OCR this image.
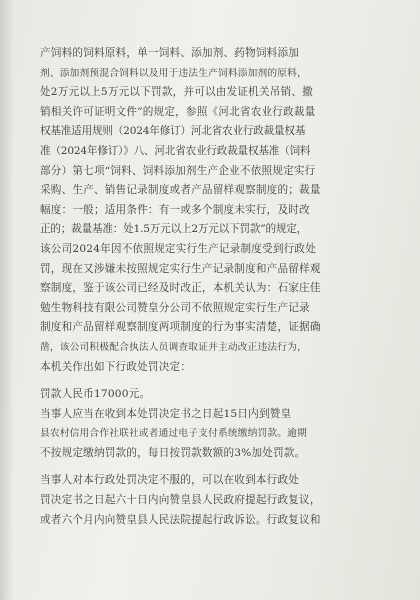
产饲料的饲料原料，单一饲料、添加剂、药物饲料添加
剂、添加剂预混合饲料以及用于违法生产饲料添加剂的原料，
处2万元以上5万元以下罚款，并可以由发证机关吊销、撤
销相关许可证明文件”的规定，参照《河北省农业行政裁量
权基准适用规则（2024年修订）河北省农业行政裁量权基
准（2024年修订）》八、河北省农业行政裁量权基准（饲料
部分）第七项“饲料、饲料添加剂生产企业不依照规定实行
采购、生产、销售记录制度或者产品留样观察制度的；裁量
幅度：一般；适用条件：有一或多个制度未实行，及时改
正的；裁量基准：处1.5万元以上2万元以下罚款”的规定，
该公司2024年因不依照规定实行生产记录制度受到行政处
罚，现在又涉嫌未按照规定实行生产记录制度和产品留样观
察制度，鉴于该公司已经及时改正，本机关认为：石家庄佳
勉生物科技有限公司赞皇分公司不依照规定实行生产记录
制度和产品留样观察制度两项制度的行为事实清楚，证据确
凿，该公司积极配合执法人员调查取证并主动改正违法行为，
本机关作出如下行政处罚决定：
罚款人民币17000元。
当事人应当在收到本处罚决定书之日起15日内到赞皇
县农村信用合作社联社或者通过电子支付系统缴纳罚款。逾期
不按规定缴纳罚款的，每日按罚款数额的3%加处罚款。
当事人对本行政处罚决定不服的，可以在收到本行政处
罚决定书之日起六十日内向赞皇县人民政府提起行政复议，
或者六个月内向赞皇县人民法院提起行政诉讼。行政复议和
